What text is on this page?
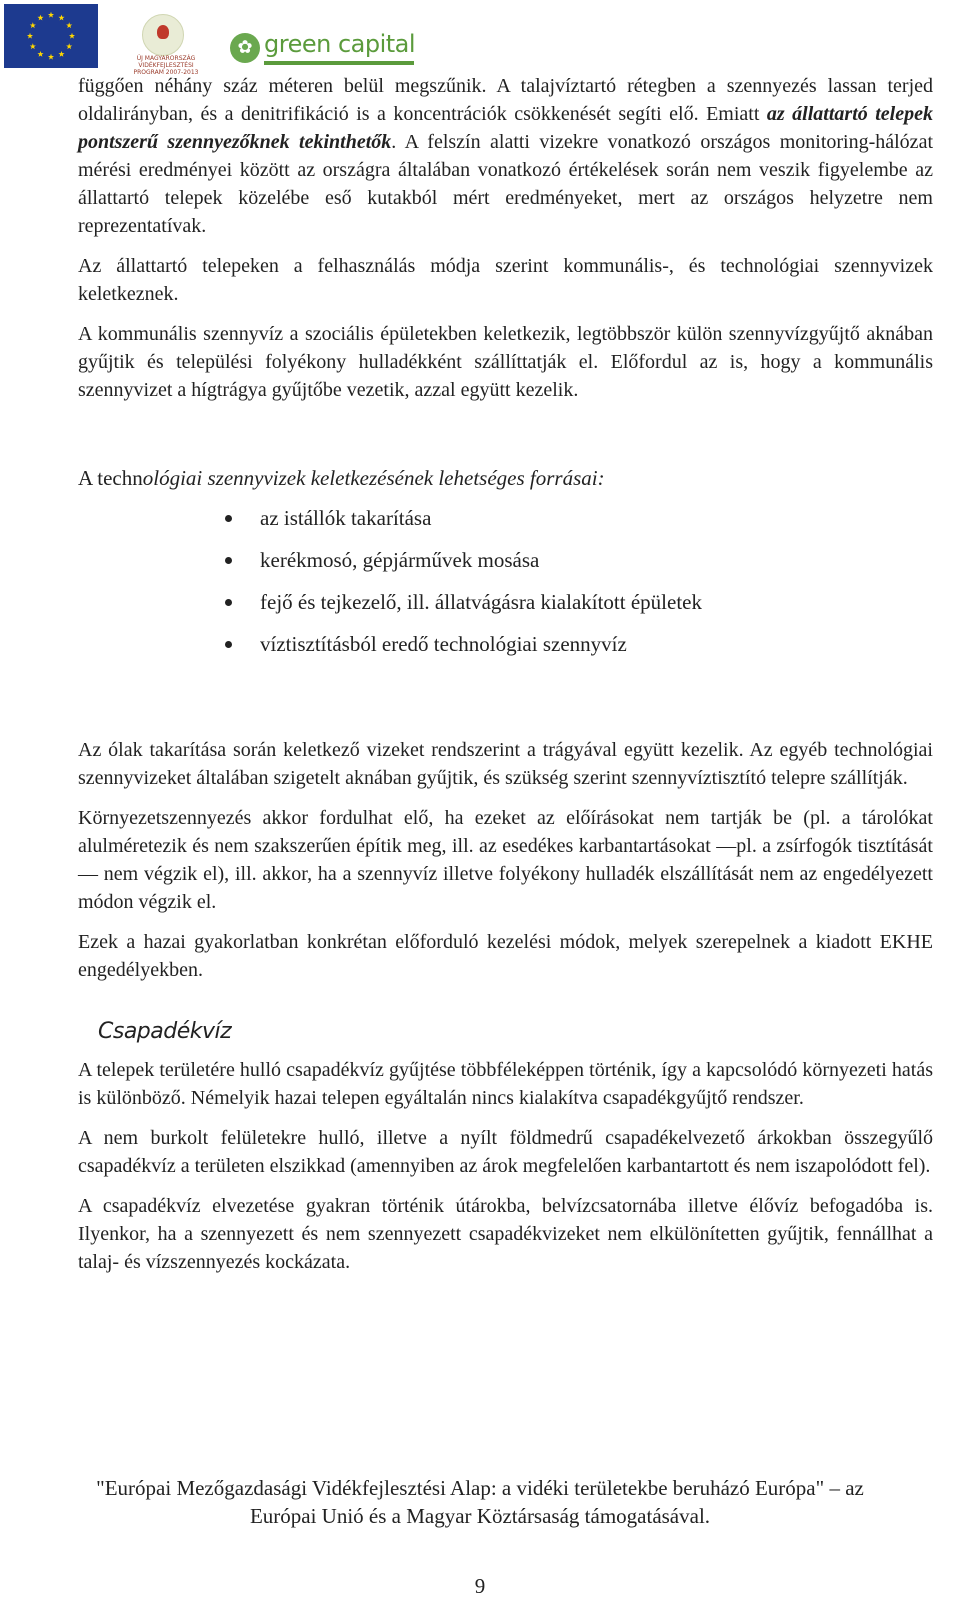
ÚJ MAGYARORSZÁG VIDÉKFEJLESZTÉSI PROGRAM 2007-2013
✿ green capital

függően néhány száz méteren belül megszűnik. A talajvíztartó rétegben a szennyezés lassan terjed oldalirányban, és a denitrifikáció is a koncentrációk csökkenését segíti elő. Emiatt az állattartó telepek pontszerű szennyezőknek tekinthetők. A felszín alatti vizekre vonatkozó országos monitoring-hálózat mérési eredményei között az országra általában vonatkozó értékelések során nem veszik figyelembe az állattartó telepek közelébe eső kutakból mért eredményeket, mert az országos helyzetre nem reprezentatívak.

Az állattartó telepeken a felhasználás módja szerint kommunális-, és technológiai szennyvizek keletkeznek.

A kommunális szennyvíz a szociális épületekben keletkezik, legtöbbször külön szennyvízgyűjtő aknában gyűjtik és települési folyékony hulladékként szállíttatják el. Előfordul az is, hogy a kommunális szennyvizet a hígtrágya gyűjtőbe vezetik, azzal együtt kezelik.

A technológiai szennyvizek keletkezésének lehetséges forrásai:
az istállók takarítása
kerékmosó, gépjárművek mosása
fejő és tejkezelő, ill. állatvágásra kialakított épületek
víztisztításból eredő technológiai szennyvíz

Az ólak takarítása során keletkező vizeket rendszerint a trágyával együtt kezelik. Az egyéb technológiai szennyvizeket általában szigetelt aknában gyűjtik, és szükség szerint szennyvíztisztító telepre szállítják.

Környezetszennyezés akkor fordulhat elő, ha ezeket az előírásokat nem tartják be (pl. a tárolókat alulméretezik és nem szakszerűen építik meg, ill. az esedékes karbantartásokat —pl. a zsírfogók tisztítását— nem végzik el), ill. akkor, ha a szennyvíz illetve folyékony hulladék elszállítását nem az engedélyezett módon végzik el.

Ezek a hazai gyakorlatban konkrétan előforduló kezelési módok, melyek szerepelnek a kiadott EKHE engedélyekben.

Csapadékvíz

A telepek területére hulló csapadékvíz gyűjtése többféleképpen történik, így a kapcsolódó környezeti hatás is különböző. Némelyik hazai telepen egyáltalán nincs kialakítva csapadékgyűjtő rendszer.

A nem burkolt felületekre hulló, illetve a nyílt földmedrű csapadékelvezető árkokban összegyűlő csapadékvíz a területen elszikkad (amennyiben az árok megfelelően karbantartott és nem iszapolódott fel).

A csapadékvíz elvezetése gyakran történik útárokba, belvízcsatornába illetve élővíz befogadóba is. Ilyenkor, ha a szennyezett és nem szennyezett csapadékvizeket nem elkülönítetten gyűjtik, fennállhat a talaj- és vízszennyezés kockázata.

"Európai Mezőgazdasági Vidékfejlesztési Alap: a vidéki területekbe beruházó Európa" – az
Európai Unió és a Magyar Köztársaság támogatásával.
9
